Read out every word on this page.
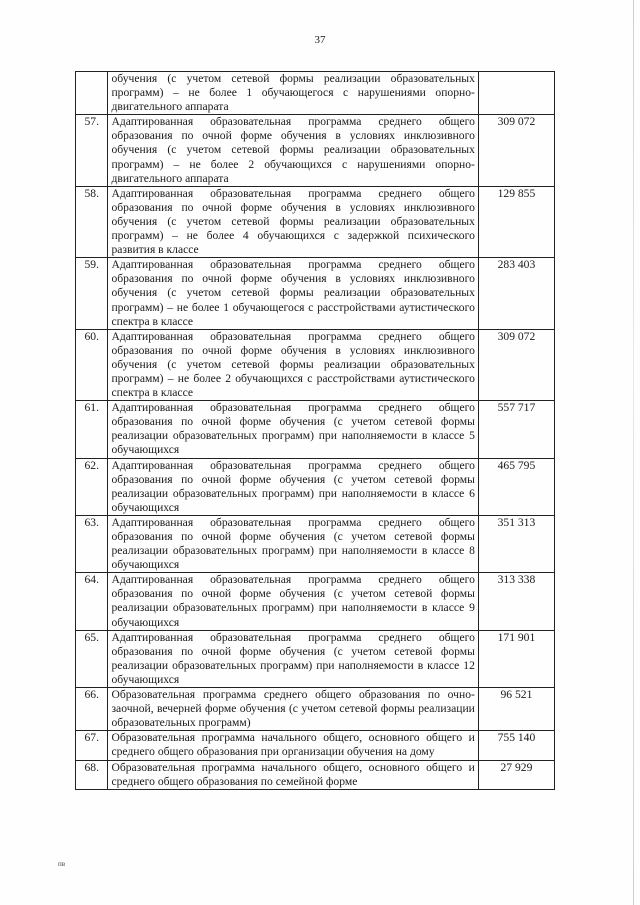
37
	обучения (с учетом сетевой формы реализации образовательных программ) – не более 1 обучающегося с нарушениями опорно-двигательного аппарата	
57.	Адаптированная образовательная программа среднего общего образования по очной форме обучения в условиях инклюзивного обучения (с учетом сетевой формы реализации образовательных программ) – не более 2 обучающихся с нарушениями опорно-двигательного аппарата	309 072
58.	Адаптированная образовательная программа среднего общего образования по очной форме обучения в условиях инклюзивного обучения (с учетом сетевой формы реализации образовательных программ) – не более 4 обучающихся с задержкой психического развития в классе	129 855
59.	Адаптированная образовательная программа среднего общего образования по очной форме обучения в условиях инклюзивного обучения (с учетом сетевой формы реализации образовательных программ) – не более 1 обучающегося с расстройствами аутистического спектра в классе	283 403
60.	Адаптированная образовательная программа среднего общего образования по очной форме обучения в условиях инклюзивного обучения (с учетом сетевой формы реализации образовательных программ) – не более 2 обучающихся с расстройствами аутистического спектра в классе	309 072
61.	Адаптированная образовательная программа среднего общего образования по очной форме обучения (с учетом сетевой формы реализации образовательных программ) при наполняемости в классе 5 обучающихся	557 717
62.	Адаптированная образовательная программа среднего общего образования по очной форме обучения (с учетом сетевой формы реализации образовательных программ) при наполняемости в классе 6 обучающихся	465 795
63.	Адаптированная образовательная программа среднего общего образования по очной форме обучения (с учетом сетевой формы реализации образовательных программ) при наполняемости в классе 8 обучающихся	351 313
64.	Адаптированная образовательная программа среднего общего образования по очной форме обучения (с учетом сетевой формы реализации образовательных программ) при наполняемости в классе 9 обучающихся	313 338
65.	Адаптированная образовательная программа среднего общего образования по очной форме обучения (с учетом сетевой формы реализации образовательных программ) при наполняемости в классе 12 обучающихся	171 901
66.	Образовательная программа среднего общего образования по очно-заочной, вечерней форме обучения (с учетом сетевой формы реализации образовательных программ)	96 521
67.	Образовательная программа начального общего, основного общего и среднего общего образования при организации обучения на дому	755 140
68.	Образовательная программа начального общего, основного общего и среднего общего образования по семейной форме	27 929
пв
